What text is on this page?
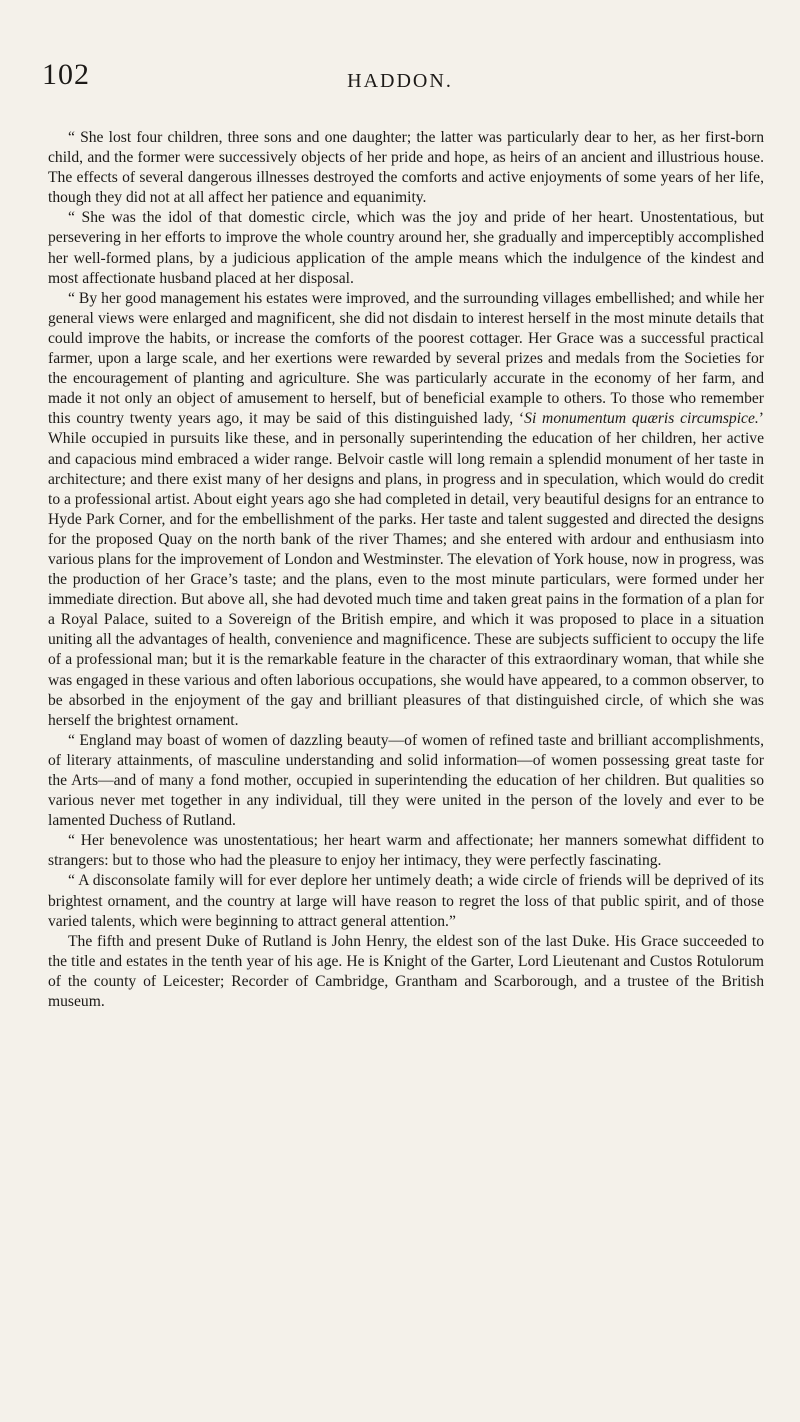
102	HADDON.

“ She lost four children, three sons and one daughter; the latter was particularly dear to her, as her first-born child, and the former were successively objects of her pride and hope, as heirs of an ancient and illustrious house. The effects of several dangerous illnesses destroyed the comforts and active enjoyments of some years of her life, though they did not at all affect her patience and equanimity.

“ She was the idol of that domestic circle, which was the joy and pride of her heart. Unostentatious, but persevering in her efforts to improve the whole country around her, she gradually and imperceptibly accomplished her well-formed plans, by a judicious application of the ample means which the indulgence of the kindest and most affectionate husband placed at her disposal.

“ By her good management his estates were improved, and the surrounding villages embellished; and while her general views were enlarged and magnificent, she did not disdain to interest herself in the most minute details that could improve the habits, or increase the comforts of the poorest cottager. Her Grace was a successful practical farmer, upon a large scale, and her exertions were rewarded by several prizes and medals from the Societies for the encouragement of planting and agriculture. She was particularly accurate in the economy of her farm, and made it not only an object of amusement to herself, but of beneficial example to others. To those who remember this country twenty years ago, it may be said of this distinguished lady, ‘Si monumentum quæris circumspice.’ While occupied in pursuits like these, and in personally superintending the education of her children, her active and capacious mind embraced a wider range. Belvoir castle will long remain a splendid monument of her taste in architecture; and there exist many of her designs and plans, in progress and in speculation, which would do credit to a professional artist. About eight years ago she had completed in detail, very beautiful designs for an entrance to Hyde Park Corner, and for the embellishment of the parks. Her taste and talent suggested and directed the designs for the proposed Quay on the north bank of the river Thames; and she entered with ardour and enthusiasm into various plans for the improvement of London and Westminster. The elevation of York house, now in progress, was the production of her Grace’s taste; and the plans, even to the most minute particulars, were formed under her immediate direction. But above all, she had devoted much time and taken great pains in the formation of a plan for a Royal Palace, suited to a Sovereign of the British empire, and which it was proposed to place in a situation uniting all the advantages of health, convenience and magnificence. These are subjects sufficient to occupy the life of a professional man; but it is the remarkable feature in the character of this extraordinary woman, that while she was engaged in these various and often laborious occupations, she would have appeared, to a common observer, to be absorbed in the enjoyment of the gay and brilliant pleasures of that distinguished circle, of which she was herself the brightest ornament.

“ England may boast of women of dazzling beauty—of women of refined taste and brilliant accomplishments, of literary attainments, of masculine understanding and solid information—of women possessing great taste for the Arts—and of many a fond mother, occupied in superintending the education of her children. But qualities so various never met together in any individual, till they were united in the person of the lovely and ever to be lamented Duchess of Rutland.

“ Her benevolence was unostentatious; her heart warm and affectionate; her manners somewhat diffident to strangers: but to those who had the pleasure to enjoy her intimacy, they were perfectly fascinating.

“ A disconsolate family will for ever deplore her untimely death; a wide circle of friends will be deprived of its brightest ornament, and the country at large will have reason to regret the loss of that public spirit, and of those varied talents, which were beginning to attract general attention.”

The fifth and present Duke of Rutland is John Henry, the eldest son of the last Duke. His Grace succeeded to the title and estates in the tenth year of his age. He is Knight of the Garter, Lord Lieutenant and Custos Rotulorum of the county of Leicester; Recorder of Cambridge, Grantham and Scarborough, and a trustee of the British museum.
